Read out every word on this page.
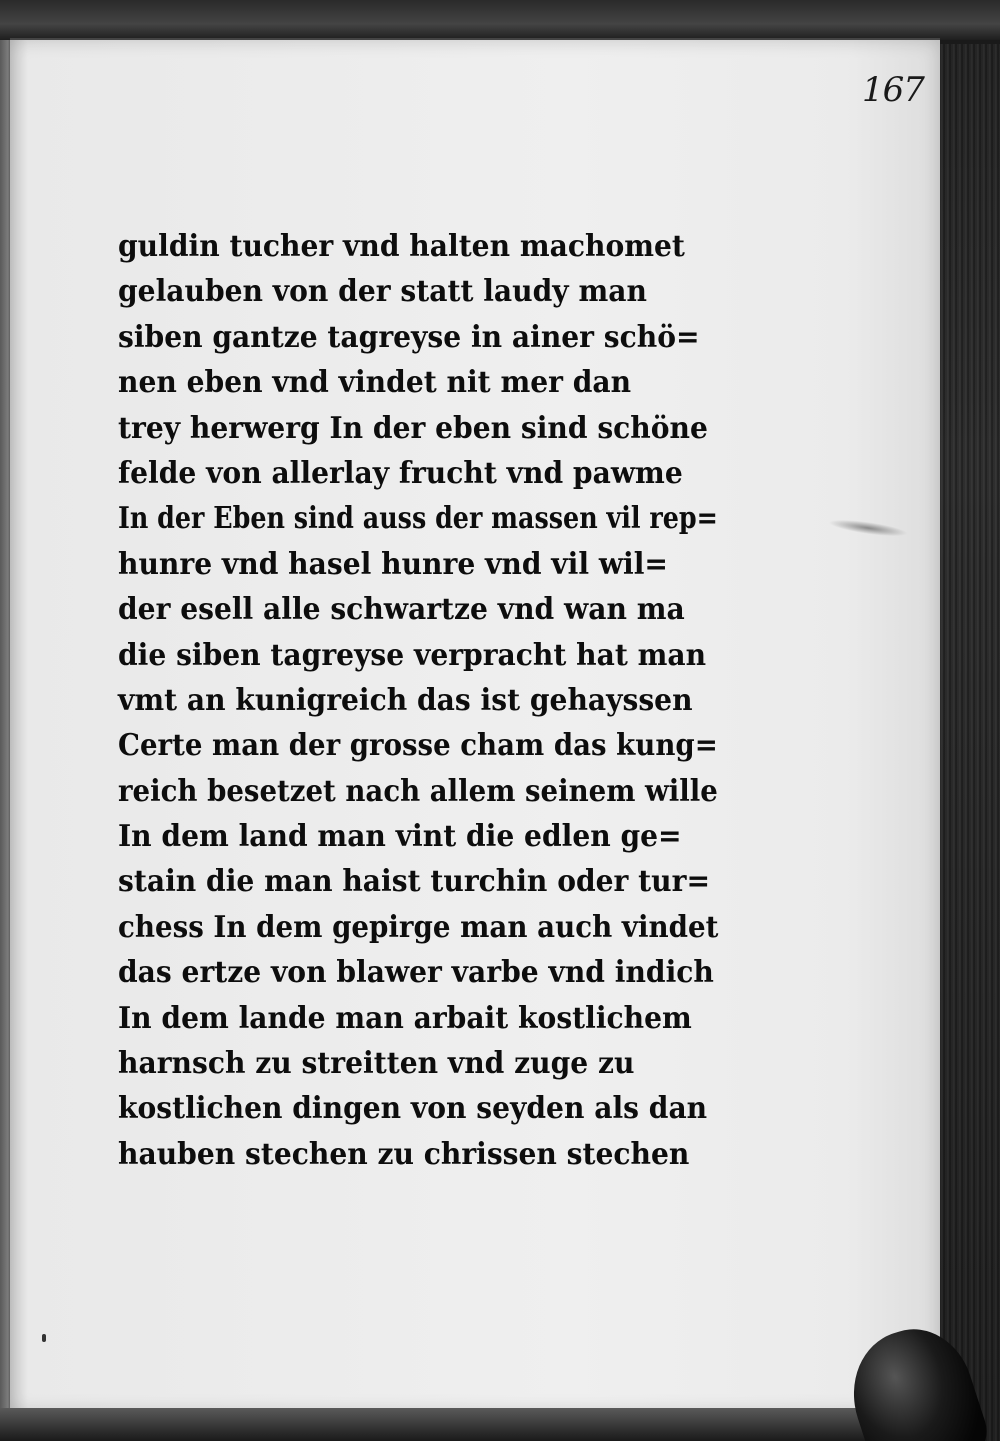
167
guldin tucher vnd halten machomet
gelauben von der statt laudy man
siben gantze tagreyse in ainer schö=
nen eben vnd vindet nit mer dan
trey herwerg In der eben sind schöne
felde von allerlay frucht vnd pawme
In der Eben sind auss der massen vil rep=
hunre vnd hasel hunre vnd vil wil=
der esell alle schwartze vnd wan ma
die siben tagreyse verpracht hat man
vmt an kunigreich das ist gehayssen
Certe man der grosse cham das kung=
reich besetzet nach allem seinem wille
In dem land man vint die edlen ge=
stain die man haist turchin oder tur=
chess In dem gepirge man auch vindet
das ertze von blawer varbe vnd indich
In dem lande man arbait kostlichem
harnsch zu streitten vnd zuge zu
kostlichen dingen von seyden als dan
hauben stechen zu chrissen stechen
